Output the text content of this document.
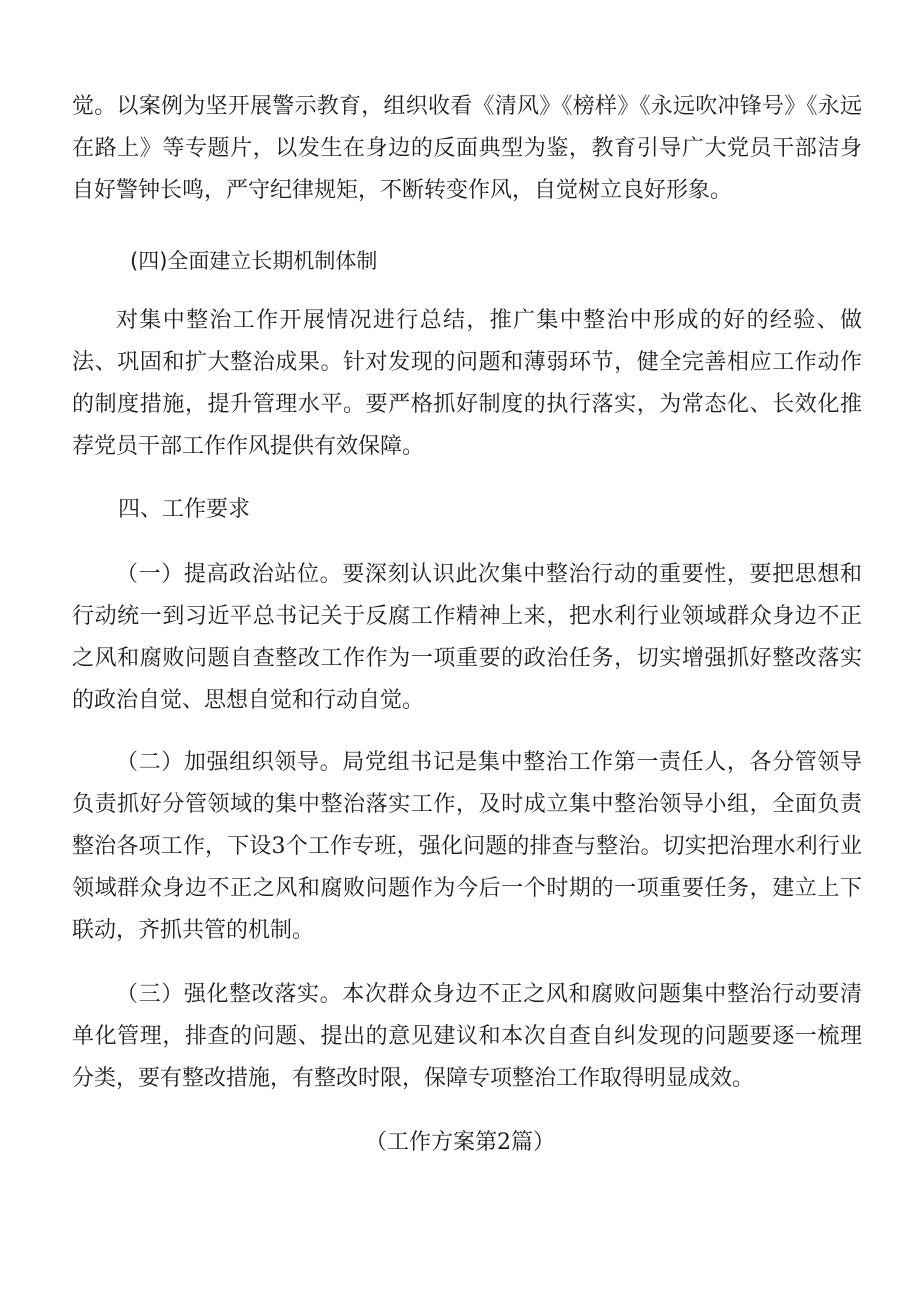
觉。以案例为坚开展警示教育，组织收看《清风》《榜样》《永远吹冲锋号》《永远在路上》等专题片，以发生在身边的反面典型为鉴，教育引导广大党员干部洁身自好警钟长鸣，严守纪律规矩，不断转变作风，自觉树立良好形象。

(四)全面建立长期机制体制

对集中整治工作开展情况进行总结，推广集中整治中形成的好的经验、做法、巩固和扩大整治成果。针对发现的问题和薄弱环节，健全完善相应工作动作的制度措施，提升管理水平。要严格抓好制度的执行落实，为常态化、长效化推荐党员干部工作作风提供有效保障。

四、工作要求

（一）提高政治站位。要深刻认识此次集中整治行动的重要性，要把思想和行动统一到习近平总书记关于反腐工作精神上来，把水利行业领域群众身边不正之风和腐败问题自查整改工作作为一项重要的政治任务，切实增强抓好整改落实的政治自觉、思想自觉和行动自觉。

（二）加强组织领导。局党组书记是集中整治工作第一责任人，各分管领导负责抓好分管领域的集中整治落实工作，及时成立集中整治领导小组，全面负责整治各项工作，下设3个工作专班，强化问题的排查与整治。切实把治理水利行业领域群众身边不正之风和腐败问题作为今后一个时期的一项重要任务，建立上下联动，齐抓共管的机制。

（三）强化整改落实。本次群众身边不正之风和腐败问题集中整治行动要清单化管理，排查的问题、提出的意见建议和本次自查自纠发现的问题要逐一梳理分类，要有整改措施，有整改时限，保障专项整治工作取得明显成效。

（工作方案第2篇）
